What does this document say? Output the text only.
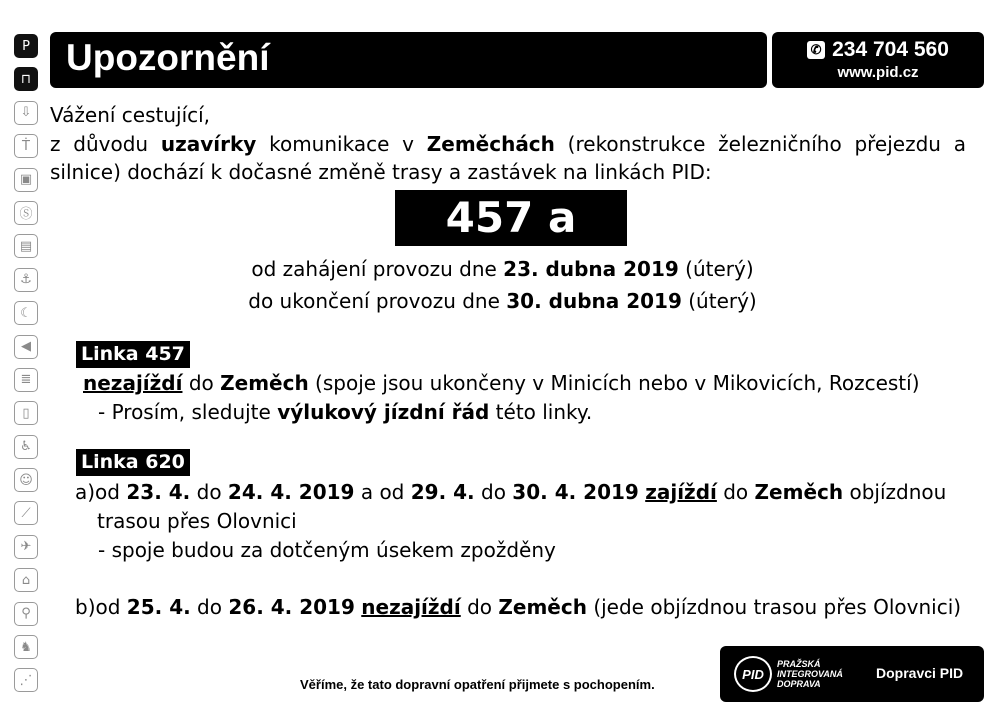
P
⊓
⇩
Ṫ
▣
Ⓢ
▤
⚓
☾
◀
≣
▯
♿
☺
⟋
✈
⌂
⚲
♞
⋰
Upozornění	✆ 234 704 560
www.pid.cz
Vážení cestující,
z důvodu uzavírky komunikace v Zeměchách (rekonstrukce železničního přejezdu a
silnice) dochází k dočasné změně trasy a zastávek na linkách PID:
457 a 620
od zahájení provozu dne 23. dubna 2019 (úterý)
do ukončení provozu dne 30. dubna 2019 (úterý)
Linka 457
nezajíždí do Zeměch (spoje jsou ukončeny v Minicích nebo v Mikovicích, Rozcestí)
- Prosím, sledujte výlukový jízdní řád této linky.
Linka 620
a)od 23. 4. do 24. 4. 2019 a od 29. 4. do 30. 4. 2019 zajíždí do Zeměch objízdnou
trasou přes Olovnici
- spoje budou za dotčeným úsekem zpožděny
b)od 25. 4. do 26. 4. 2019 nezajíždí do Zeměch (jede objízdnou trasou přes Olovnici)
Věříme, že tato dopravní opatření přijmete s pochopením.
PID
PRAŽSKÁ
INTEGROVANÁ
DOPRAVA
Dopravci PID
